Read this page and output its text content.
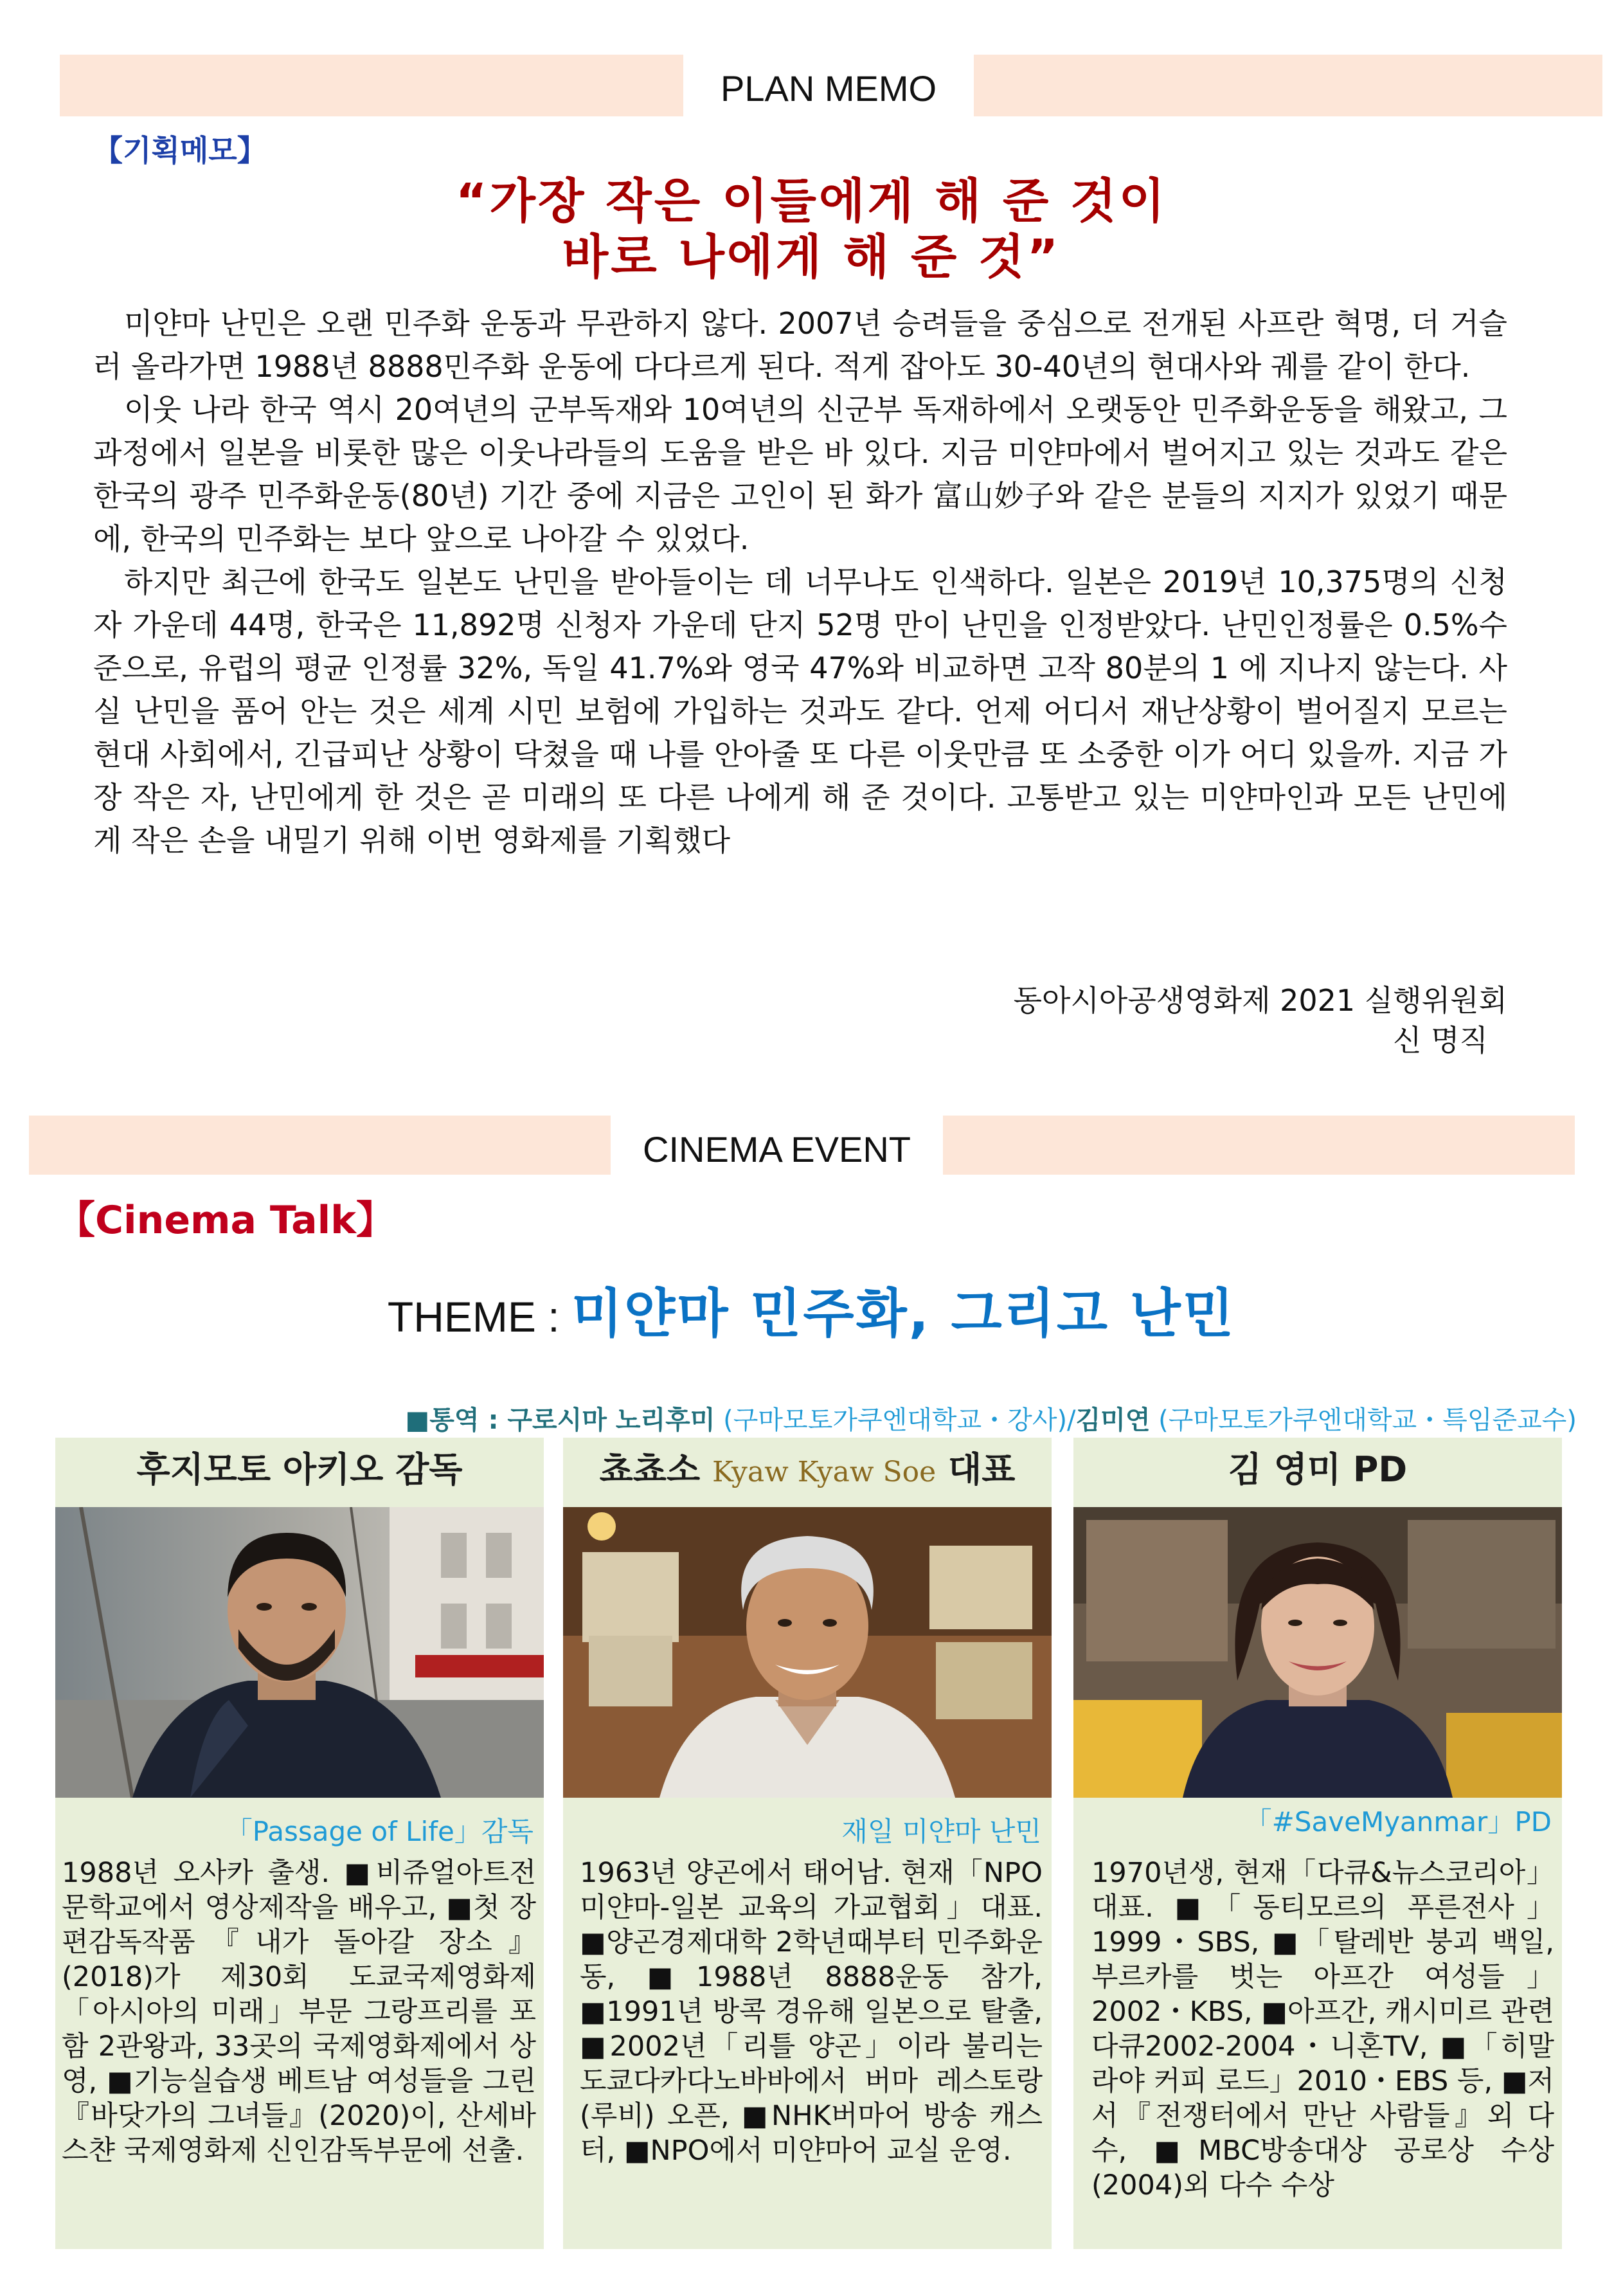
PLAN MEMO
【기획메모】
“가장 작은 이들에게 해 준 것이
바로 나에게 해 준 것”

미얀마 난민은 오랜 민주화 운동과 무관하지 않다. 2007년 승려들을 중심으로 전개된 사프란 혁명, 더 거슬러 올라가면 1988년 8888민주화 운동에 다다르게 된다. 적게 잡아도 30-40년의 현대사와 궤를 같이 한다.

이웃 나라 한국 역시 20여년의 군부독재와 10여년의 신군부 독재하에서 오랫동안 민주화운동을 해왔고, 그 과정에서 일본을 비롯한 많은 이웃나라들의 도움을 받은 바 있다. 지금 미얀마에서 벌어지고 있는 것과도 같은 한국의 광주 민주화운동(80년) 기간 중에 지금은 고인이 된 화가 富山妙子와 같은 분들의 지지가 있었기 때문에, 한국의 민주화는 보다 앞으로 나아갈 수 있었다.

하지만 최근에 한국도 일본도 난민을 받아들이는 데 너무나도 인색하다. 일본은 2019년 10,375명의 신청자 가운데 44명, 한국은 11,892명 신청자 가운데 단지 52명 만이 난민을 인정받았다. 난민인정률은 0.5%수준으로, 유럽의 평균 인정률 32%, 독일 41.7%와 영국 47%와 비교하면 고작 80분의 1 에 지나지 않는다. 사실 난민을 품어 안는 것은 세계 시민 보험에 가입하는 것과도 같다. 언제 어디서 재난상황이 벌어질지 모르는 현대 사회에서, 긴급피난 상황이 닥쳤을 때 나를 안아줄 또 다른 이웃만큼 또 소중한 이가 어디 있을까. 지금 가장 작은 자, 난민에게 한 것은 곧 미래의 또 다른 나에게 해 준 것이다. 고통받고 있는 미얀마인과 모든 난민에게 작은 손을 내밀기 위해 이번 영화제를 기획했다

동아시아공생영화제 2021 실행위원회
신 명직
CINEMA EVENT
【Cinema Talk】
THEME : 미얀마 민주화, 그리고 난민
■통역 : 구로시마 노리후미 (구마모토가쿠엔대학교・강사)/김미연 (구마모토가쿠엔대학교・특임준교수)
후지모토 아키오 감독
「Passage of Life」감독
1988년 오사카 출생. ■비쥬얼아트전문학교에서 영상제작을 배우고, ■첫 장편감독작품『내가 돌아갈 장소』(2018)가 제30회 도쿄국제영화제 「아시아의 미래」부문 그랑프리를 포함 2관왕과, 33곳의 국제영화제에서 상영, ■기능실습생 베트남 여성들을 그린『바닷가의 그녀들』(2020)이, 산세바스챤 국제영화제 신인감독부문에 선출.
쵸쵸소 Kyaw Kyaw Soe 대표
재일 미얀마 난민
1963년 양곤에서 태어남. 현재「NPO미얀마-일본 교육의 가교협회」대표. ■양곤경제대학 2학년때부터 민주화운동, ■1988년 8888운동 참가, ■1991년 방콕 경유해 일본으로 탈출, ■2002년「리틀 양곤」이라 불리는 도쿄다카다노바바에서 버마 레스토랑(루비) 오픈, ■NHK버마어 방송 캐스터, ■NPO에서 미얀마어 교실 운영.
김 영미 PD
「#SaveMyanmar」PD
1970년생, 현재「다큐&뉴스코리아」대표. ■「동티모르의 푸른전사」1999・SBS, ■「탈레반 붕괴 백일, 부르카를 벗는 아프간 여성들」2002・KBS, ■아프간, 캐시미르 관련 다큐2002-2004・니혼TV, ■「히말라야 커피 로드」2010・EBS 등, ■저서『전쟁터에서 만난 사람들』외 다수, ■MBC방송대상 공로상 수상(2004)외 다수 수상
